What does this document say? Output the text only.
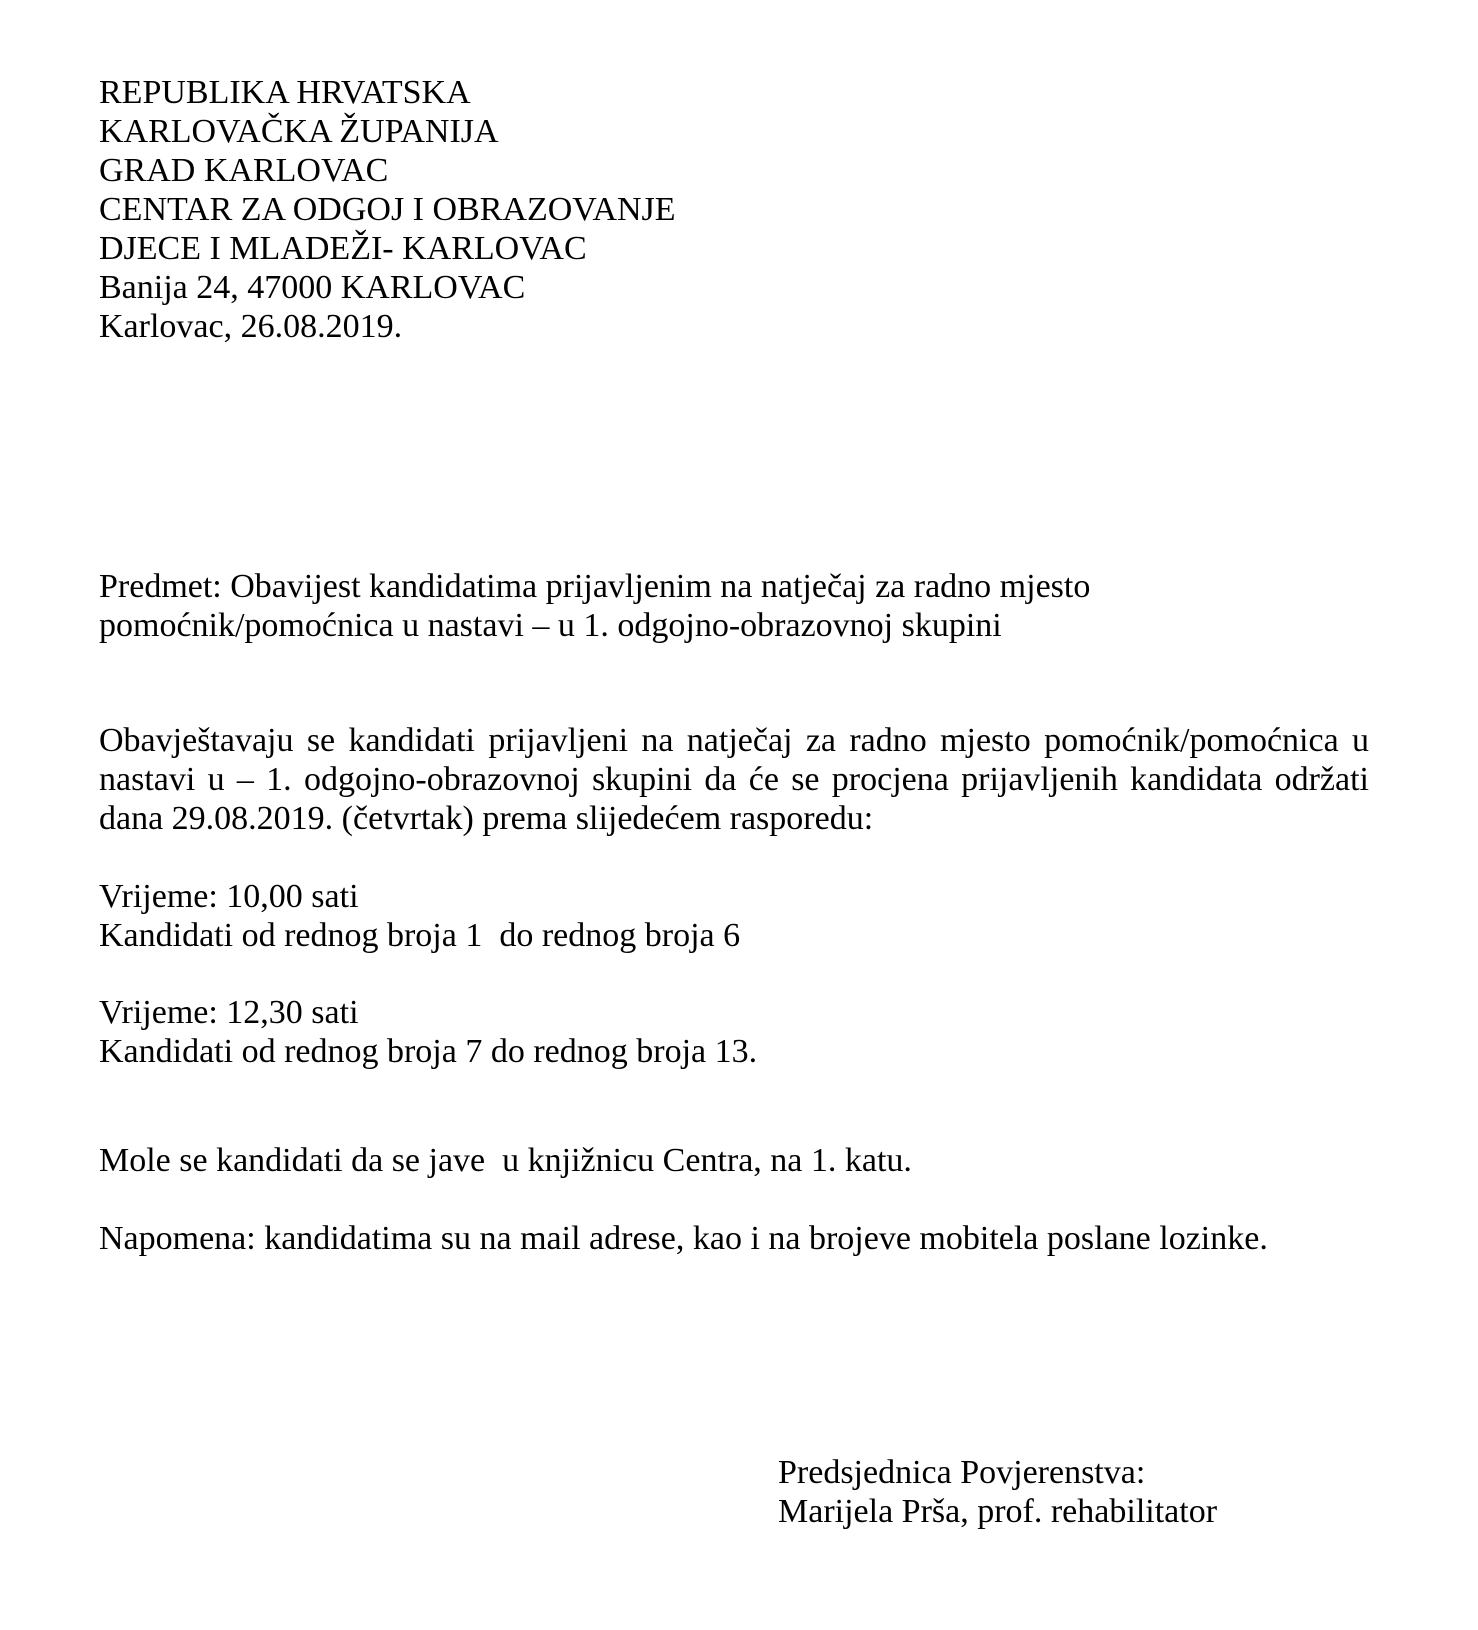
REPUBLIKA HRVATSKA
KARLOVAČKA ŽUPANIJA
GRAD KARLOVAC
CENTAR ZA ODGOJ I OBRAZOVANJE
DJECE I MLADEŽI- KARLOVAC
Banija 24, 47000 KARLOVAC
Karlovac, 26.08.2019.

Predmet: Obavijest kandidatima prijavljenim na natječaj za radno mjesto pomoćnik/pomoćnica u nastavi – u 1. odgojno-obrazovnoj skupini

Obavještavaju se kandidati prijavljeni na natječaj za radno mjesto pomoćnik/pomoćnica u nastavi u – 1. odgojno-obrazovnoj skupini da će se procjena prijavljenih kandidata održati dana 29.08.2019. (četvrtak) prema slijedećem rasporedu:

Vrijeme: 10,00 sati
Kandidati od rednog broja 1  do rednog broja 6
Vrijeme: 12,30 sati
Kandidati od rednog broja 7 do rednog broja 13.

Mole se kandidati da se jave  u knjižnicu Centra, na 1. katu.

Napomena: kandidatima su na mail adrese, kao i na brojeve mobitela poslane lozinke.

Predsjednica Povjerenstva:
Marijela Prša, prof. rehabilitator
